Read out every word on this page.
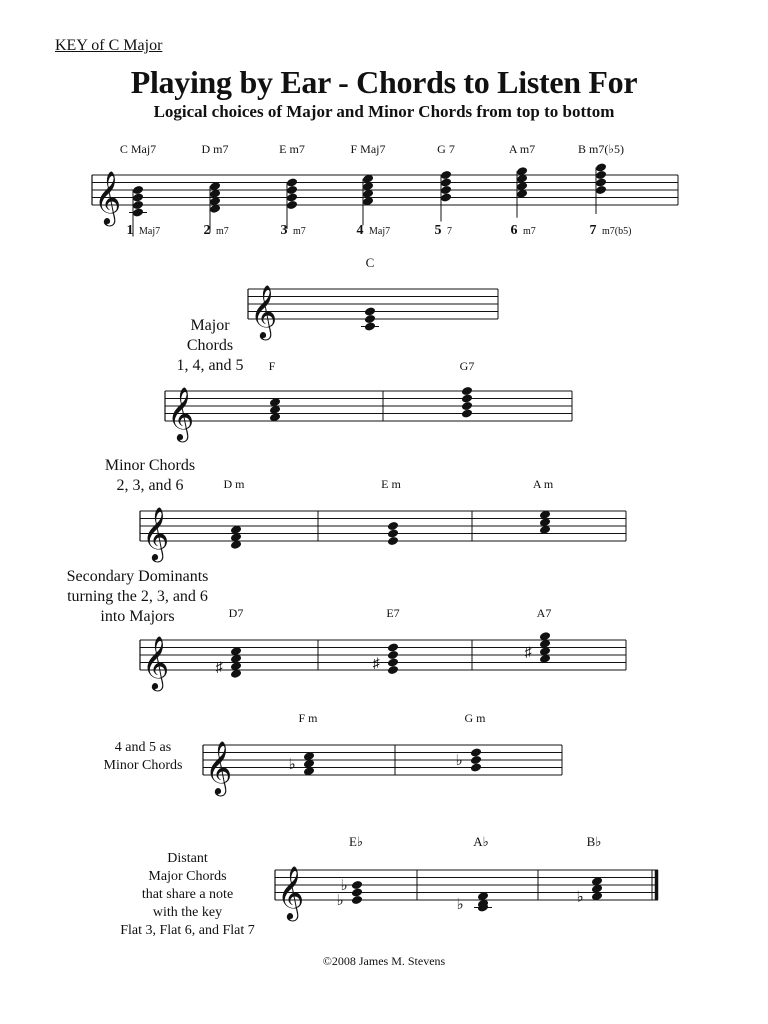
KEY of C Major
Playing by Ear - Chords to Listen For
Logical choices of Major and Minor Chords from top to bottom
Major
Chords
1, 4, and 5
Minor Chords
2, 3, and 6
Secondary Dominants
turning the 2, 3, and 6
into Majors
4 and 5 as
Minor Chords
Distant
Major Chords
that share a note
with the key
Flat 3, Flat 6, and Flat 7
©2008 James M. Stevens
C Maj7	D m7	E m7	F Maj7	G 7	A m7	B m7(♭5)
1 Maj7	2 m7	3 m7	4 Maj7	5 7	6 m7	7 m7(b5)
C
F	G7
D m	E m	A m
D7	E7	A7
F m	G m
E♭	A♭	B♭
𝄞
𝄞
𝄞
𝄞
𝄞	♯	♯
♯
𝄞	♭	♭
𝄞 ♭
♭
♭	♭
